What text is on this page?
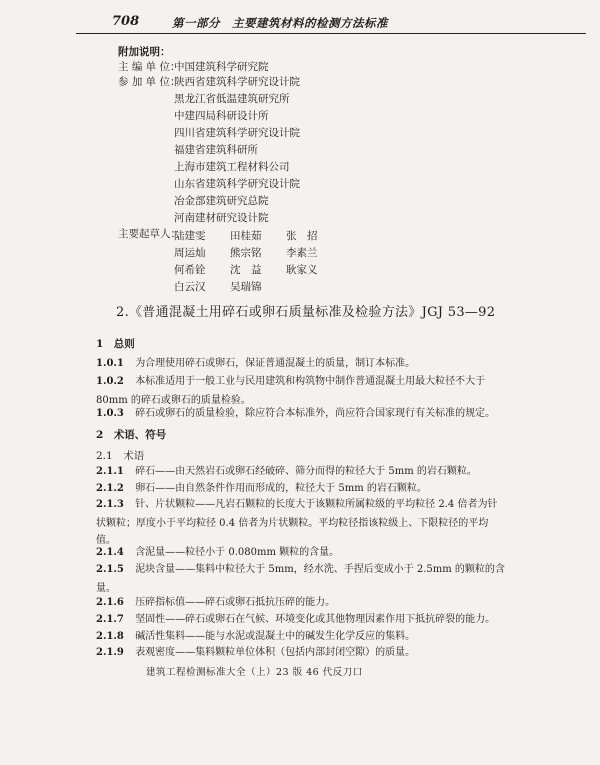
708	第一部分　主要建筑材料的检测方法标准
附加说明：
主 编 单 位：
中国建筑科学研究院
参 加 单 位：
陕西省建筑科学研究设计院
黑龙江省低温建筑研究所
中建四局科研设计所
四川省建筑科学研究设计院
福建省建筑科研所
上海市建筑工程材料公司
山东省建筑科学研究设计院
冶金部建筑研究总院
河南建材研究设计院
主要起草人：
陆建雯 田桂茹 张　招
周运灿 熊宗铭 李素兰
何希铨 沈　益 耿家义
白云汉 吴瑞锦
2.《普通混凝土用碎石或卵石质量标准及检验方法》JGJ 53—92
1　总则
1.0.1 为合理使用碎石或卵石，保证普通混凝土的质量，制订本标准。
1.0.2 本标准适用于一般工业与民用建筑和构筑物中制作普通混凝土用最大粒径不大于
80mm 的碎石或卵石的质量检验。
1.0.3 碎石或卵石的质量检验，除应符合本标准外，尚应符合国家现行有关标准的规定。
2　术语、符号
2.1　术语
2.1.1 碎石——由天然岩石或卵石经破碎、筛分而得的粒径大于 5mm 的岩石颗粒。
2.1.2 卵石——由自然条件作用而形成的，粒径大于 5mm 的岩石颗粒。
2.1.3 针、片状颗粒——凡岩石颗粒的长度大于该颗粒所属粒级的平均粒径 2.4 倍者为针
状颗粒；厚度小于平均粒径 0.4 倍者为片状颗粒。平均粒径指该粒级上、下限粒径的平均
值。
2.1.4 含泥量——粒径小于 0.080mm 颗粒的含量。
2.1.5 泥块含量——集料中粒径大于 5mm，经水洗、手捏后变成小于 2.5mm 的颗粒的含
量。
2.1.6 压碎指标值——碎石或卵石抵抗压碎的能力。
2.1.7 坚固性——碎石或卵石在气候、环境变化或其他物理因素作用下抵抗碎裂的能力。
2.1.8 碱活性集料——能与水泥或混凝土中的碱发生化学反应的集料。
2.1.9 表观密度——集料颗粒单位体积（包括内部封闭空隙）的质量。
建筑工程检测标准大全（上）23 版 46 代反刀口
